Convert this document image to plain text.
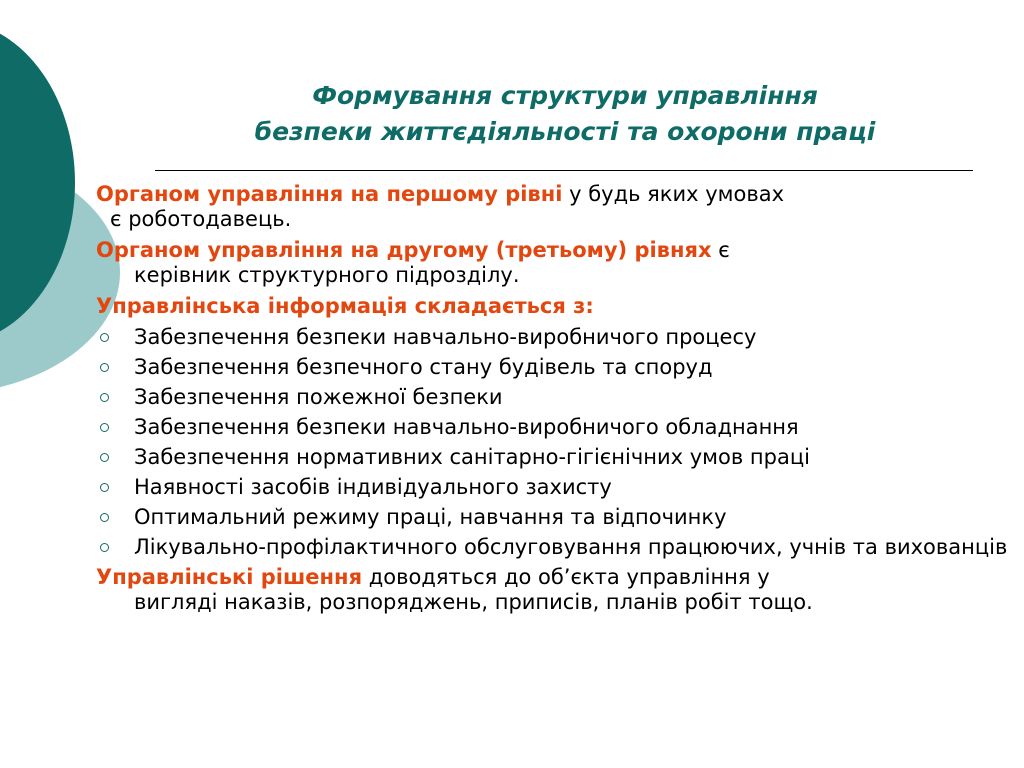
Формування структури управління
безпеки життєдіяльності та охорони праці
Органом управління на першому рівні у будь яких умовах
є роботодавець.
Органом управління на другому (третьому) рівнях є
керівник структурного підрозділу.
Управлінська інформація складається з:
Забезпечення безпеки навчально-виробничого процесу
Забезпечення безпечного стану будівель та споруд
Забезпечення пожежної безпеки
Забезпечення безпеки навчально-виробничого обладнання
Забезпечення нормативних санітарно-гігієнічних умов праці
Наявності засобів індивідуального захисту
Оптимальний режиму праці, навчання та відпочинку
Лікувально-профілактичного обслуговування працюючих, учнів та вихованців
Управлінські рішення доводяться до об’єкта управління у
вигляді наказів, розпоряджень, приписів, планів робіт тощо.
